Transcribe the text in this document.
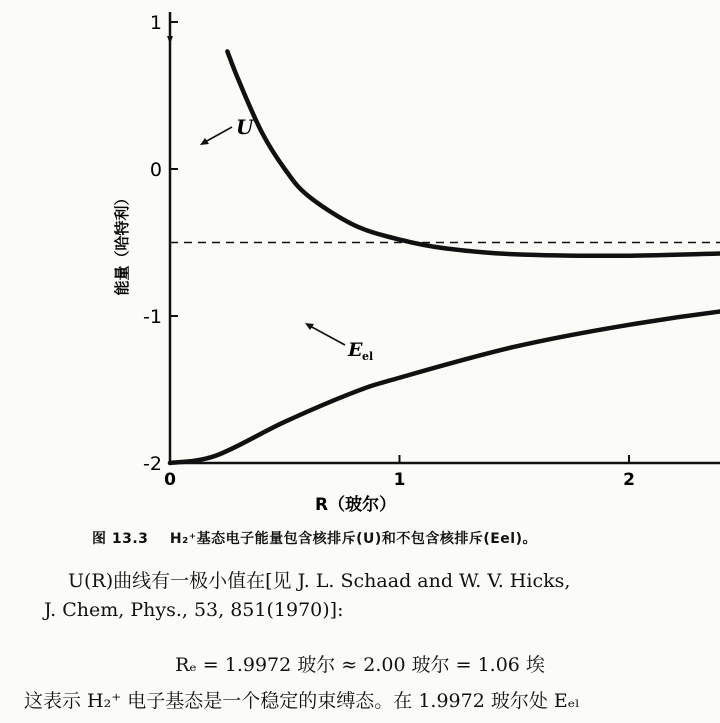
1
0
-1
-2
0	1	2
R（玻尔）
能量（哈特利）
U
E el
图 13.3 H₂⁺基态电子能量包含核排斥(U)和不包含核排斥(Eel)。
U(R)曲线有一极小值在[见 J. L. Schaad and W. V. Hicks,
J. Chem, Phys., 53, 851(1970)]:
Rₑ = 1.9972 玻尔 ≈ 2.00 玻尔 = 1.06 埃
这表示 H₂⁺ 电子基态是一个稳定的束缚态。在 1.9972 玻尔处 Eₑₗ
